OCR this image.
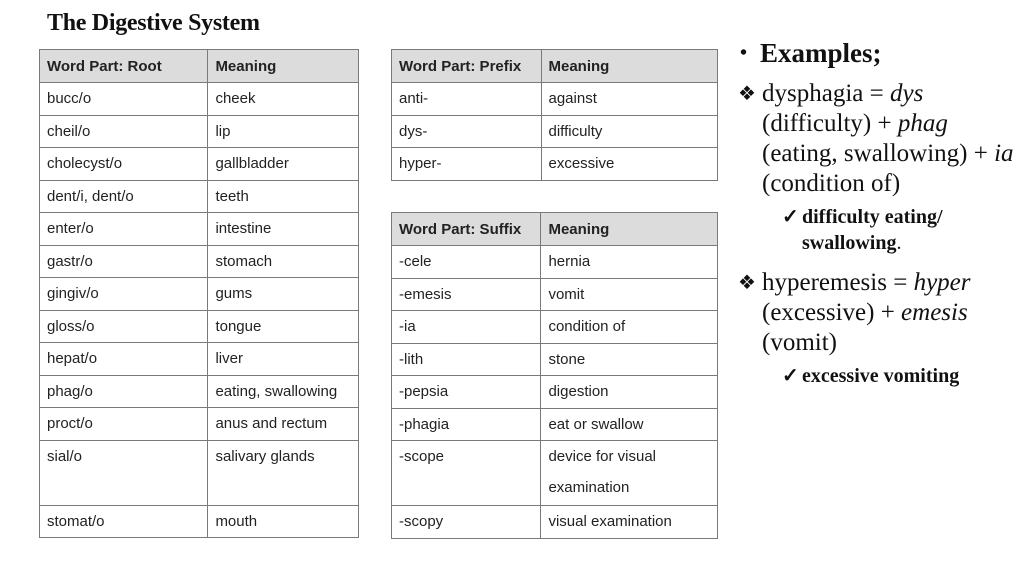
The Digestive System
Word Part: Root	Meaning
bucc/o	cheek
cheil/o	lip
cholecyst/o	gallbladder
dent/i, dent/o	teeth
enter/o	intestine
gastr/o	stomach
gingiv/o	gums
gloss/o	tongue
hepat/o	liver
phag/o	eating, swallowing
proct/o	anus and rectum
sial/o	salivary glands
stomat/o	mouth
Word Part: Prefix	Meaning
anti-	against
dys-	difficulty
hyper-	excessive
Word Part: Suffix	Meaning
-cele	hernia
-emesis	vomit
-ia	condition of
-lith	stone
-pepsia	digestion
-phagia	eat or swallow
-scope	device for visual examination
-scopy	visual examination
• Examples;
❖ dysphagia = dys (difficulty) + phag (eating, swallowing) + ia (condition of)
✓ difficulty eating/ swallowing.
❖ hyperemesis = hyper (excessive) + emesis (vomit)
✓ excessive vomiting
